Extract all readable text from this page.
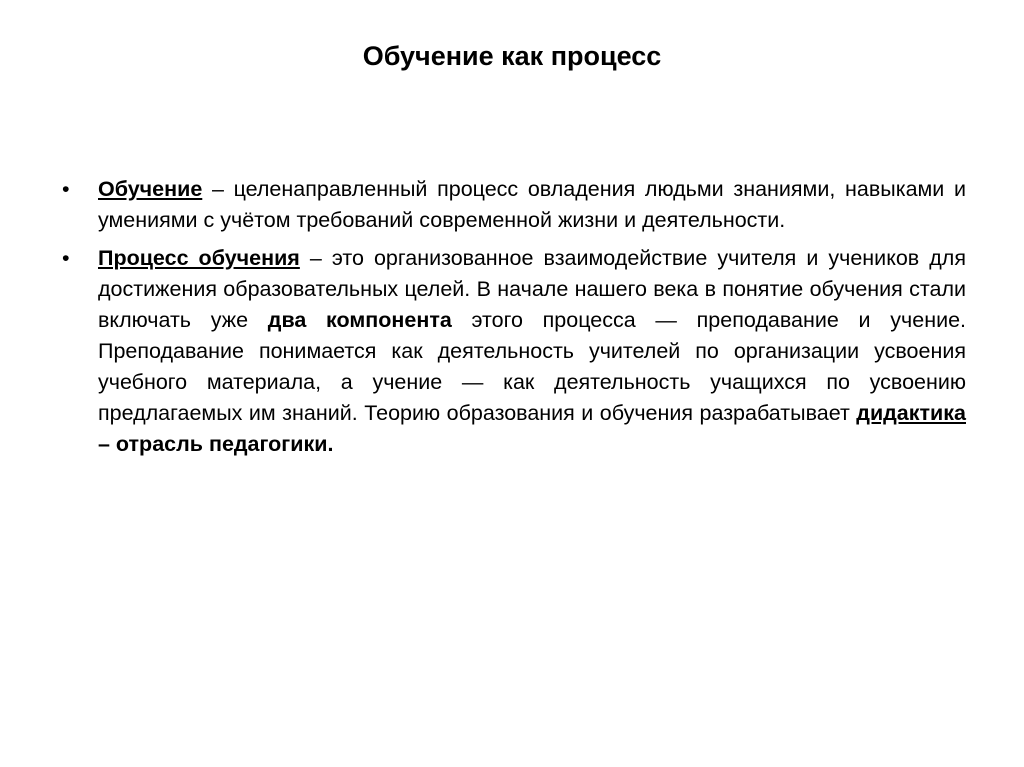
Обучение как процесс
•	Обучение – целенаправленный процесс овладения людьми знаниями, навыками и умениями с учётом требований современной жизни и деятельности.
•	Процесс обучения – это организованное взаимодействие учителя и учеников для достижения образовательных целей. В начале нашего века в понятие обучения стали включать уже два компонента этого процесса — преподавание и учение. Преподавание понимается как деятельность учителей по организации усвоения учебного материала, а учение — как деятельность учащихся по усвоению предлагаемых им знаний. Теорию образования и обучения разрабатывает дидактика – отрасль педагогики.
